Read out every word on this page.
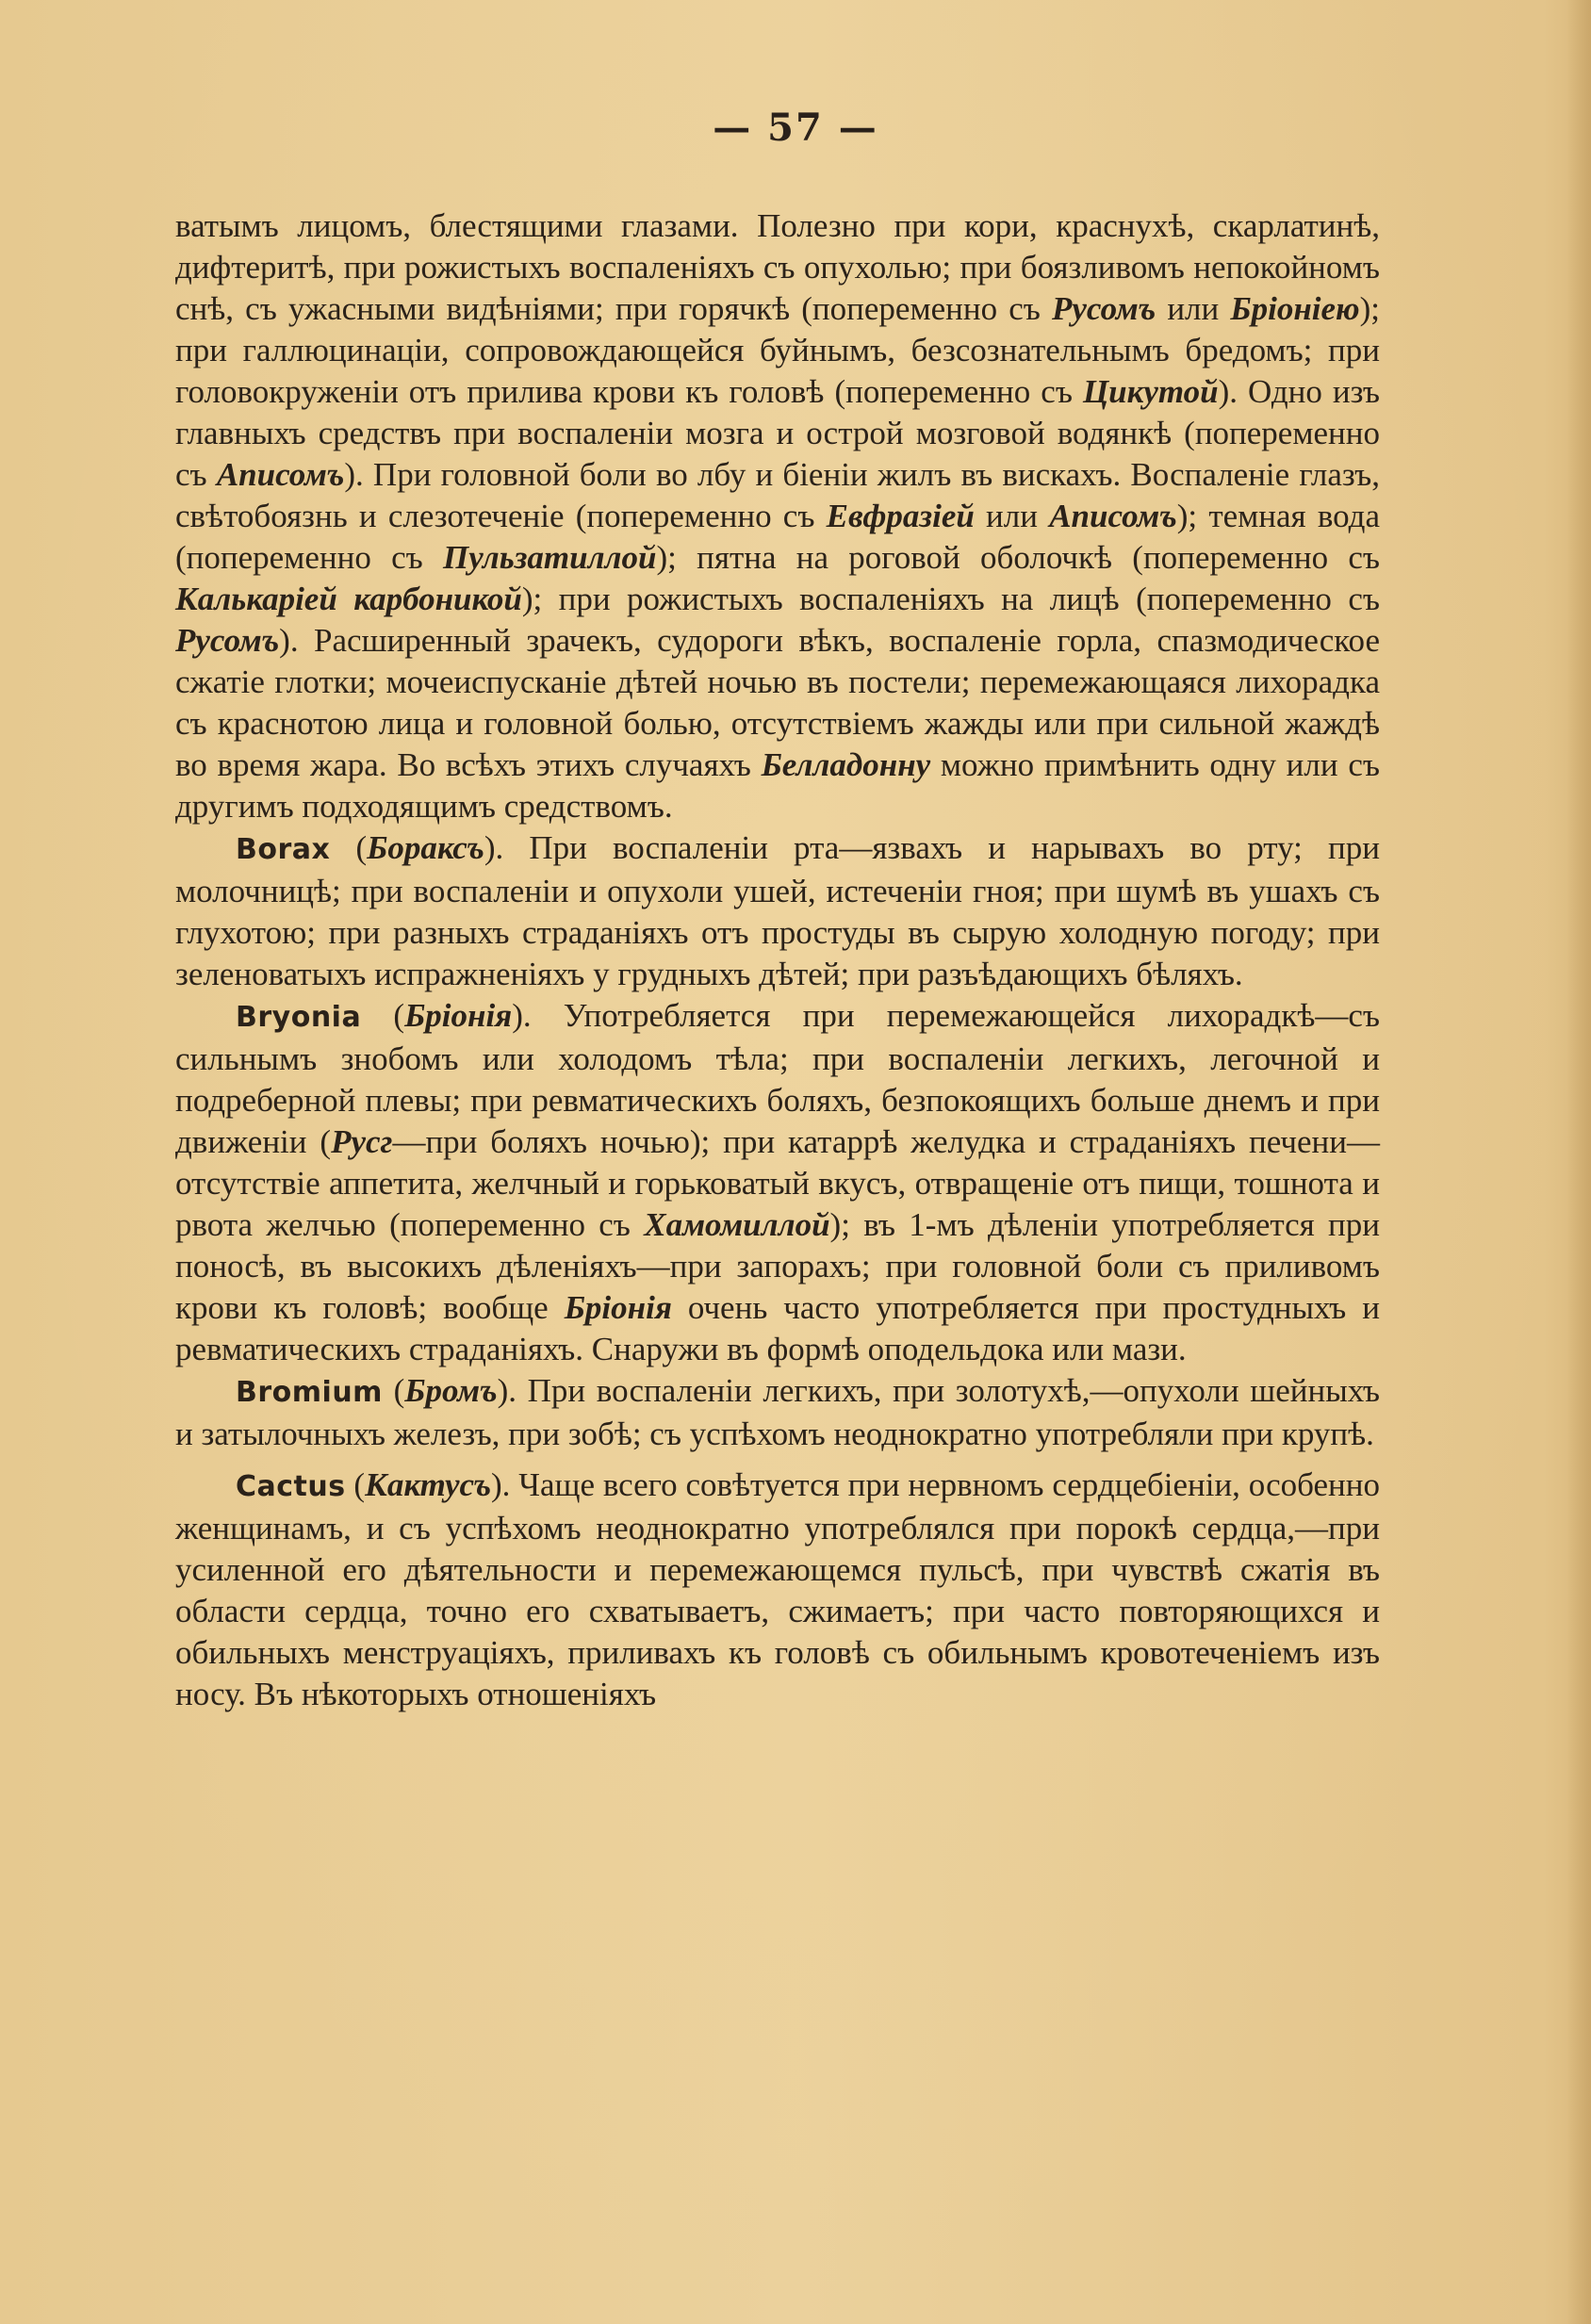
— 57 —

ватымъ лицомъ, блестящими глазами. Полезно при кори, краснухѣ, скарлатинѣ, дифтеритѣ, при рожистыхъ воспаленіяхъ съ опухолью; при боязливомъ непокойномъ снѣ, съ ужасными видѣніями; при горячкѣ (попеременно съ Русомъ или Бріоніею); при галлюцинаціи, сопровождающейся буйнымъ, безсознательнымъ бредомъ; при головокруженіи отъ прилива крови къ головѣ (попеременно съ Цикутой). Одно изъ главныхъ средствъ при воспаленіи мозга и острой мозговой водянкѣ (попеременно съ Аписомъ). При головной боли во лбу и біеніи жилъ въ вискахъ. Воспаленіе глазъ, свѣтобоязнь и слезотеченіе (попеременно съ Евфразіей или Аписомъ); темная вода (попеременно съ Пульзатиллой); пятна на роговой оболочкѣ (попеременно съ Калькаріей карбоникой); при рожистыхъ воспаленіяхъ на лицѣ (попеременно съ Русомъ). Расширенный зрачекъ, судороги вѣкъ, воспаленіе горла, спазмодическое сжатіе глотки; мочеиспусканіе дѣтей ночью въ постели; перемежающаяся лихорадка съ краснотою лица и головной болью, отсутствіемъ жажды или при сильной жаждѣ во время жара. Во всѣхъ этихъ случаяхъ Белладонну можно примѣнить одну или съ другимъ подходящимъ средствомъ.

Borax (Бораксъ). При воспаленіи рта—язвахъ и нарывахъ во рту; при молочницѣ; при воспаленіи и опухоли ушей, истеченіи гноя; при шумѣ въ ушахъ съ глухотою; при разныхъ страданіяхъ отъ простуды въ сырую холодную погоду; при зеленоватыхъ испражненіяхъ у грудныхъ дѣтей; при разъѣдающихъ бѣляхъ.

Bryonia (Бріонія). Употребляется при перемежающейся лихорадкѣ—съ сильнымъ знобомъ или холодомъ тѣла; при воспаленіи легкихъ, легочной и подреберной плевы; при ревматическихъ боляхъ, безпокоящихъ больше днемъ и при движеніи (Русг—при боляхъ ночью); при катаррѣ желудка и страданіяхъ печени—отсутствіе аппетита, желчный и горьковатый вкусъ, отвращеніе отъ пищи, тошнота и рвота желчью (попеременно съ Хамомиллой); въ 1-мъ дѣленіи употребляется при поносѣ, въ высокихъ дѣленіяхъ—при запорахъ; при головной боли съ приливомъ крови къ головѣ; вообще Бріонія очень часто употребляется при простудныхъ и ревматическихъ страданіяхъ. Снаружи въ формѣ оподельдока или мази.

Bromium (Бромъ). При воспаленіи легкихъ, при золотухѣ,—опухоли шейныхъ и затылочныхъ железъ, при зобѣ; съ успѣхомъ неоднократно употребляли при крупѣ.

Cactus (Кактусъ). Чаще всего совѣтуется при нервномъ сердцебіеніи, особенно женщинамъ, и съ успѣхомъ неоднократно употреблялся при порокѣ сердца,—при усиленной его дѣятельности и перемежающемся пульсѣ, при чувствѣ сжатія въ области сердца, точно его схватываетъ, сжимаетъ; при часто повторяющихся и обильныхъ менструаціяхъ, приливахъ къ головѣ съ обильнымъ кровотеченіемъ изъ носу. Въ нѣкоторыхъ отношеніяхъ
